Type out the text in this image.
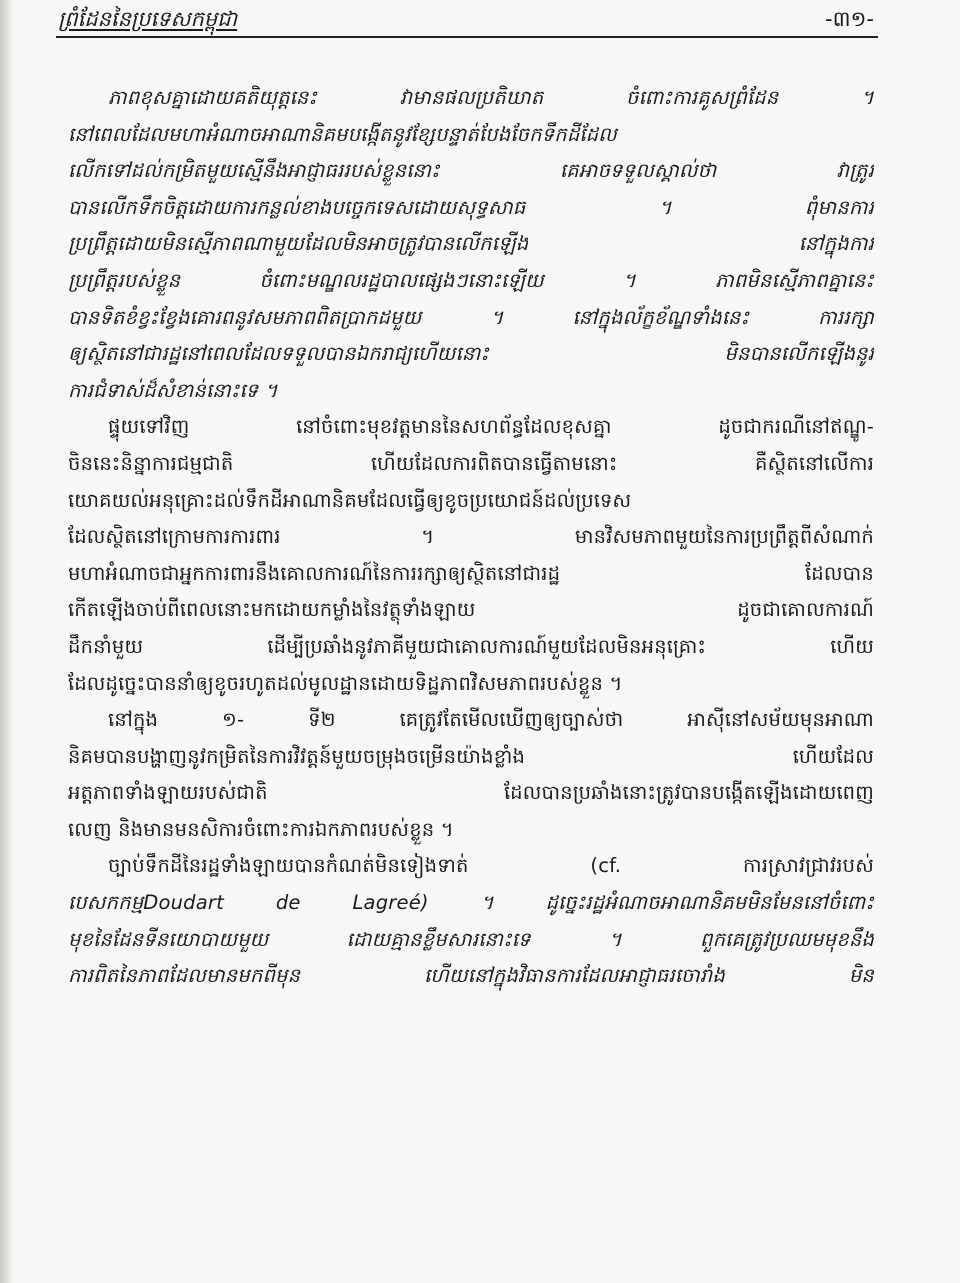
ព្រំដែននៃប្រទេសកម្ពុជា	-៣១-
ភាពខុសគ្នាដោយគតិយុត្តនេះ វាមានផលប្រតិឃាត ចំពោះការគូសព្រំដែន ។
នៅពេលដែលមហាអំណាចអាណានិគមបង្កើតនូវខ្សែបន្ទាត់បែងចែកទឹកដីដែល
លើកទៅដល់កម្រិតមួយស្មើនឹងអាជ្ញាធររបស់ខ្លួននោះ គេអាចទទួលស្គាល់ថា វាត្រូវ
បានលើកទឹកចិត្តដោយការកន្លល់ខាងបច្ចេកទេសដោយសុទ្ធសាធ ។ ពុំមានការ
ប្រព្រឹត្តដោយមិនស្មើភាពណាមួយដែលមិនអាចត្រូវបានលើកឡើង នៅក្នុងការ
ប្រព្រឹត្តរបស់ខ្លួន ចំពោះមណ្ឌលរដ្ឋបាលផ្សេងៗនោះឡើយ ។ ភាពមិនស្មើភាពគ្នានេះ
បានទិតខំខ្វះខ្វែងគោរពនូវសមភាពពិតប្រាកដមួយ ។ នៅក្នុងល័ក្ខខ័ណ្ឌទាំងនេះ ការរក្សា
ឲ្យស្ថិតនៅជារដ្ឋនៅពេលដែលទទួលបានឯករាជ្យហើយនោះ មិនបានលើកឡើងនូវ
ការជំទាស់ដ៏សំខាន់នោះទេ ។
ផ្ទុយទៅវិញ នៅចំពោះមុខវត្តមាននៃសហព័ន្ធដែលខុសគ្នា ដូចជាករណីនៅឥណ្ឌូ-
ចិននេះនិន្នាការជម្មជាតិ ហើយដែលការពិតបានធ្វើតាមនោះ គឺស្ថិតនៅលើការ
យោគយល់អនុគ្រោះដល់ទឹកដីអាណានិគមដែលធ្វើឲ្យខូចប្រយោជន៍ដល់ប្រទេស
ដែលស្ថិតនៅក្រោមការការពារ ។ មានវិសមភាពមួយនៃការប្រព្រឹត្តពីសំណាក់
មហាអំណាចជាអ្នកការពារនឹងគោលការណ៍នៃការរក្សាឲ្យស្ថិតនៅជារដ្ឋ ដែលបាន
កើតឡើងចាប់ពីពេលនោះមកដោយកម្លាំងនៃវត្ថុទាំងឡាយ ដូចជាគោលការណ៍
ដឹកនាំមួយ ដើម្បីប្រឆាំងនូវភាគីមួយជាគោលការណ៍មួយដែលមិនអនុគ្រោះ ហើយ
ដែលដូច្នេះបាននាំឲ្យខូចរហូតដល់មូលដ្ឋានដោយទិដ្ឋភាពវិសមភាពរបស់ខ្លួន ។
នៅក្នុង ១- ទី២ គេត្រូវតែមើលឃើញឲ្យច្បាស់ថា អាស៊ីនៅសម័យមុនអាណា
និគមបានបង្ហាញនូវកម្រិតនៃការវិវត្តន៍មួយចម្រុងចម្រើនយ៉ាងខ្លាំង ហើយដែល
អត្តភាពទាំងឡាយរបស់ជាតិ ដែលបានប្រឆាំងនោះត្រូវបានបង្កើតឡើងដោយពេញ
លេញ និងមានមនសិការចំពោះការឯកភាពរបស់ខ្លួន ។
ច្បាប់ទឹកដីនៃរដ្ឋទាំងឡាយបានកំណត់មិនទៀងទាត់ (cf. ការស្រាវជ្រាវរបស់
បេសកកម្មDoudart de Lagreé) ។ ដូច្នេះរដ្ឋអំណាចអាណានិគមមិនមែននៅចំពោះ
មុខនៃដែនទីនយោបាយមួយ ដោយគ្មានខ្លឹមសារនោះទេ ។ ពួកគេត្រូវប្រឈមមុខនឹង
ការពិតនៃភាពដែលមានមកពីមុន ហើយនៅក្នុងវិធានការដែលអាជ្ញាធរចោរាំង មិន
